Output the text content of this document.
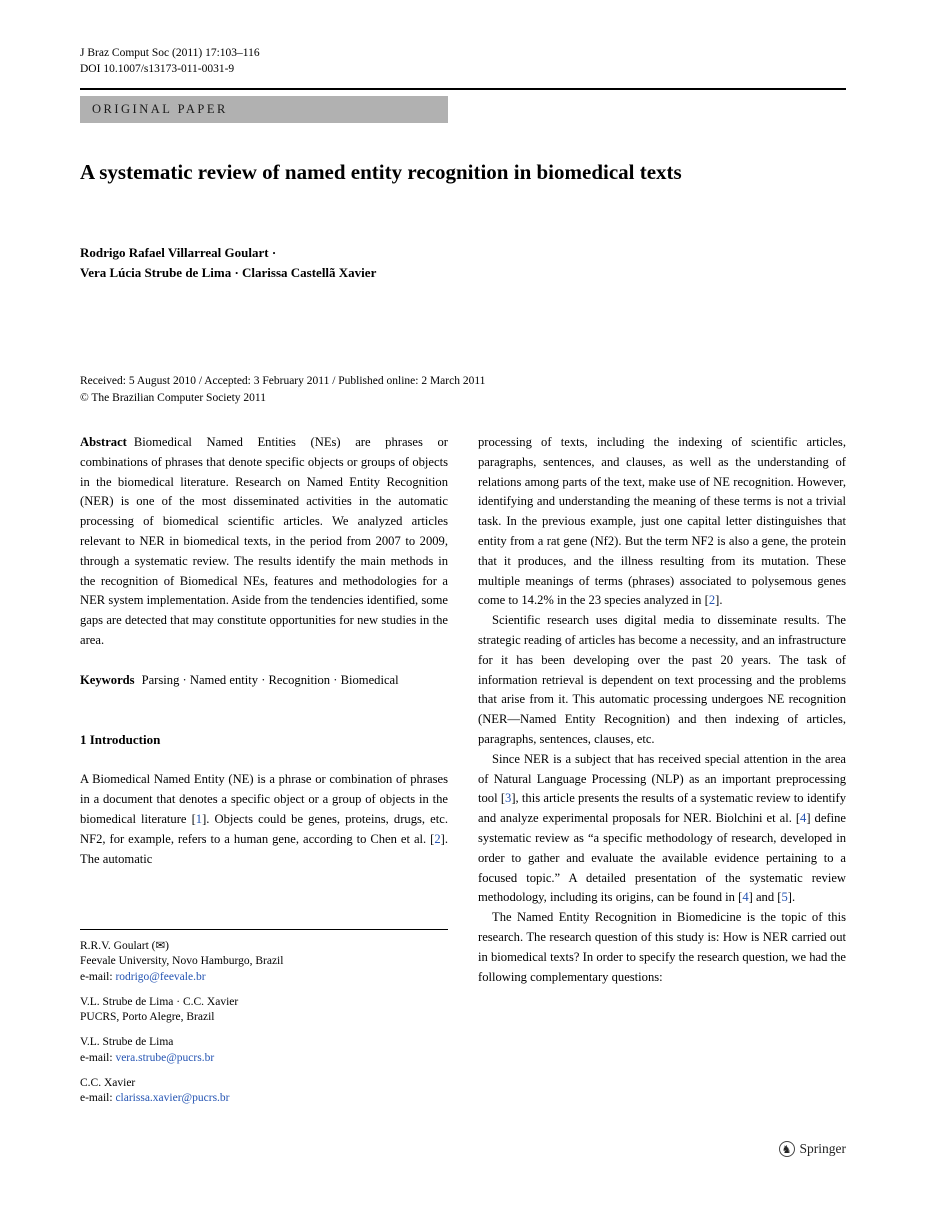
J Braz Comput Soc (2011) 17:103–116
DOI 10.1007/s13173-011-0031-9
ORIGINAL PAPER
A systematic review of named entity recognition in biomedical texts
Rodrigo Rafael Villarreal Goulart ·
Vera Lúcia Strube de Lima · Clarissa Castellã Xavier
Received: 5 August 2010 / Accepted: 3 February 2011 / Published online: 2 March 2011
© The Brazilian Computer Society 2011

Abstract Biomedical Named Entities (NEs) are phrases or combinations of phrases that denote specific objects or groups of objects in the biomedical literature. Research on Named Entity Recognition (NER) is one of the most disseminated activities in the automatic processing of biomedical scientific articles. We analyzed articles relevant to NER in biomedical texts, in the period from 2007 to 2009, through a systematic review. The results identify the main methods in the recognition of Biomedical NEs, features and methodologies for a NER system implementation. Aside from the tendencies identified, some gaps are detected that may constitute opportunities for new studies in the area.

Keywords Parsing · Named entity · Recognition · Biomedical

1 Introduction

A Biomedical Named Entity (NE) is a phrase or combination of phrases in a document that denotes a specific object or a group of objects in the biomedical literature [1]. Objects could be genes, proteins, drugs, etc. NF2, for example, refers to a human gene, according to Chen et al. [2]. The automatic

R.R.V. Goulart (✉)
Feevale University, Novo Hamburgo, Brazil
e-mail: rodrigo@feevale.br
V.L. Strube de Lima · C.C. Xavier
PUCRS, Porto Alegre, Brazil
V.L. Strube de Lima
e-mail: vera.strube@pucrs.br
C.C. Xavier
e-mail: clarissa.xavier@pucrs.br

processing of texts, including the indexing of scientific articles, paragraphs, sentences, and clauses, as well as the understanding of relations among parts of the text, make use of NE recognition. However, identifying and understanding the meaning of these terms is not a trivial task. In the previous example, just one capital letter distinguishes that entity from a rat gene (Nf2). But the term NF2 is also a gene, the protein that it produces, and the illness resulting from its mutation. These multiple meanings of terms (phrases) associated to polysemous genes come to 14.2% in the 23 species analyzed in [2].

Scientific research uses digital media to disseminate results. The strategic reading of articles has become a necessity, and an infrastructure for it has been developing over the past 20 years. The task of information retrieval is dependent on text processing and the problems that arise from it. This automatic processing undergoes NE recognition (NER—Named Entity Recognition) and then indexing of articles, paragraphs, sentences, clauses, etc.

Since NER is a subject that has received special attention in the area of Natural Language Processing (NLP) as an important preprocessing tool [3], this article presents the results of a systematic review to identify and analyze experimental proposals for NER. Biolchini et al. [4] define systematic review as “a specific methodology of research, developed in order to gather and evaluate the available evidence pertaining to a focused topic.” A detailed presentation of the systematic review methodology, including its origins, can be found in [4] and [5].

The Named Entity Recognition in Biomedicine is the topic of this research. The research question of this study is: How is NER carried out in biomedical texts? In order to specify the research question, we had the following complementary questions:

♞ Springer
